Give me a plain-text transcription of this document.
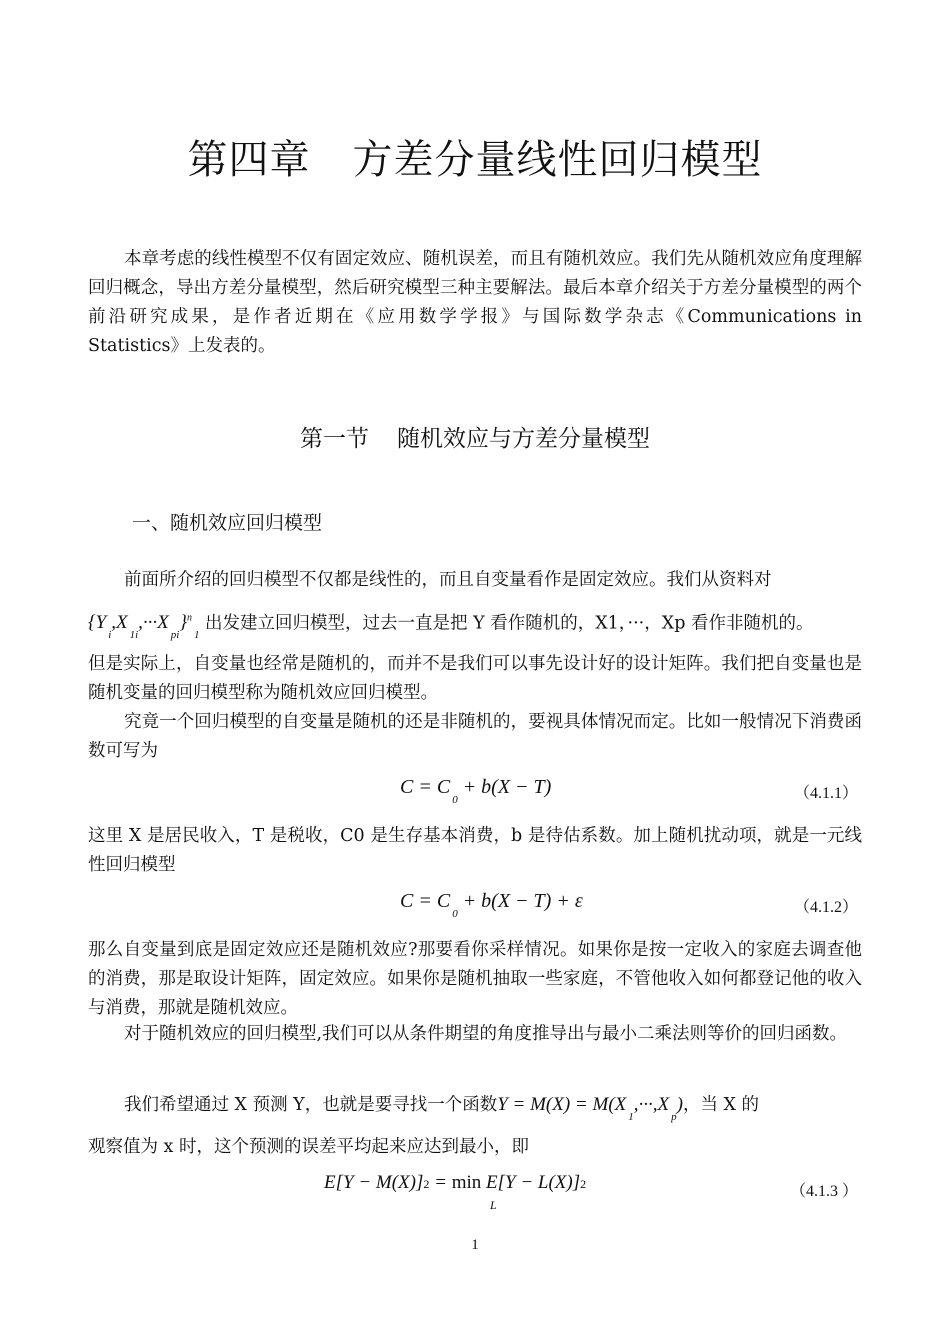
第四章 方差分量线性回归模型

本章考虑的线性模型不仅有固定效应、随机误差，而且有随机效应。我们先从随机效应角度理解回归概念，导出方差分量模型，然后研究模型三种主要解法。最后本章介绍关于方差分量模型的两个前沿研究成果，是作者近期在《应用数学学报》与国际数学杂志《Communications in Statistics》上发表的。

第一节 随机效应与方差分量模型
一、随机效应回归模型
前面所介绍的回归模型不仅都是线性的，而且自变量看作是固定效应。我们从资料对
$\{Y_i,X_{1i},\cdot\cdot\cdot X_{pi}\}^n_1$ 出发建立回归模型，过去一直是把 Y 看作随机的，X1，···，Xp 看作非随机的。

但是实际上，自变量也经常是随机的，而并不是我们可以事先设计好的设计矩阵。我们把自变量也是随机变量的回归模型称为随机效应回归模型。

究竟一个回归模型的自变量是随机的还是非随机的，要视具体情况而定。比如一般情况下消费函数可写为

$C = C_0 + b(X - T)$	（4.1.1）

这里 X 是居民收入，T 是税收，C0 是生存基本消费，b 是待估系数。加上随机扰动项，就是一元线性回归模型

$C = C_0 + b(X - T) + \varepsilon$	（4.1.2）

那么自变量到底是固定效应还是随机效应?那要看你采样情况。如果你是按一定收入的家庭去调查他的消费，那是取设计矩阵，固定效应。如果你是随机抽取一些家庭，不管他收入如何都登记他的收入与消费，那就是随机效应。

对于随机效应的回归模型,我们可以从条件期望的角度推导出与最小二乘法则等价的回归函数。

我们希望通过 X 预测 Y，也就是要寻找一个函数$Y = M(X) = M(X_1,\cdot\cdot\cdot,X_p)$，当 X 的
观察值为 x 时，这个预测的误差平均起来应达到最小，即
E[Y − M(X)]2 = min
L
E[Y − L(X)]2	（4.1.3 ）
1
